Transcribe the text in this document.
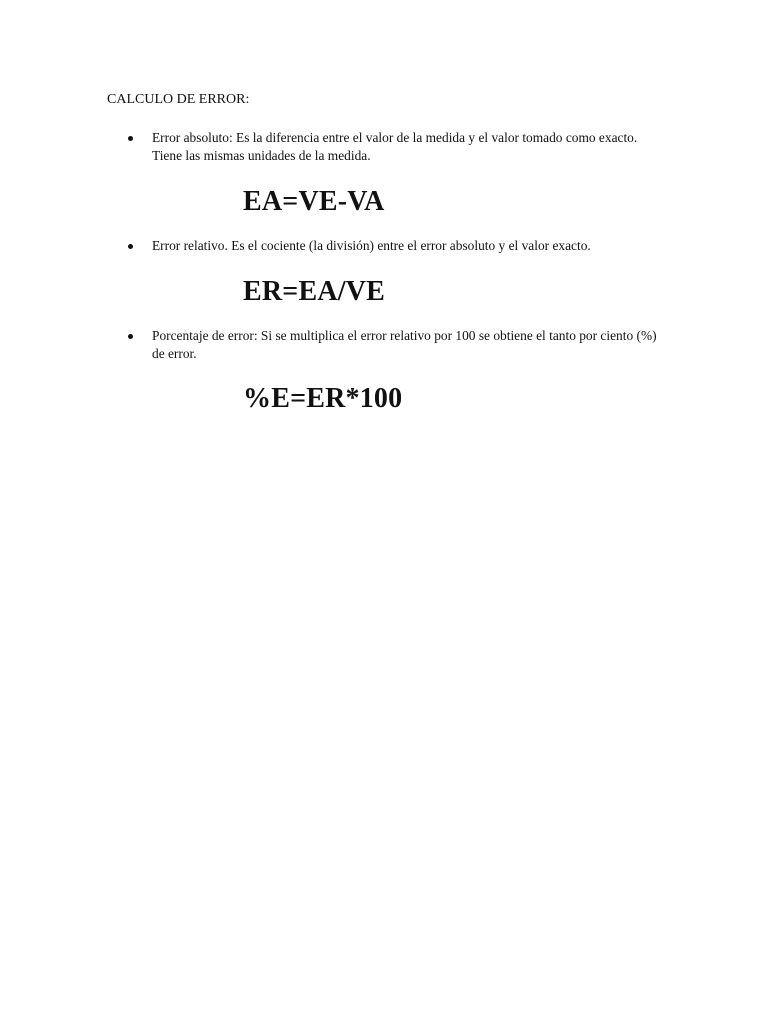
CALCULO DE ERROR:
Error absoluto: Es la diferencia entre el valor de la medida y el valor tomado como exacto. Tiene las mismas unidades de la medida.
EA=VE-VA
Error relativo. Es el cociente (la división) entre el error absoluto y el valor exacto.
ER=EA/VE
Porcentaje de error: Si se multiplica el error relativo por 100 se obtiene el tanto por ciento (%) de error.
%E=ER*100
